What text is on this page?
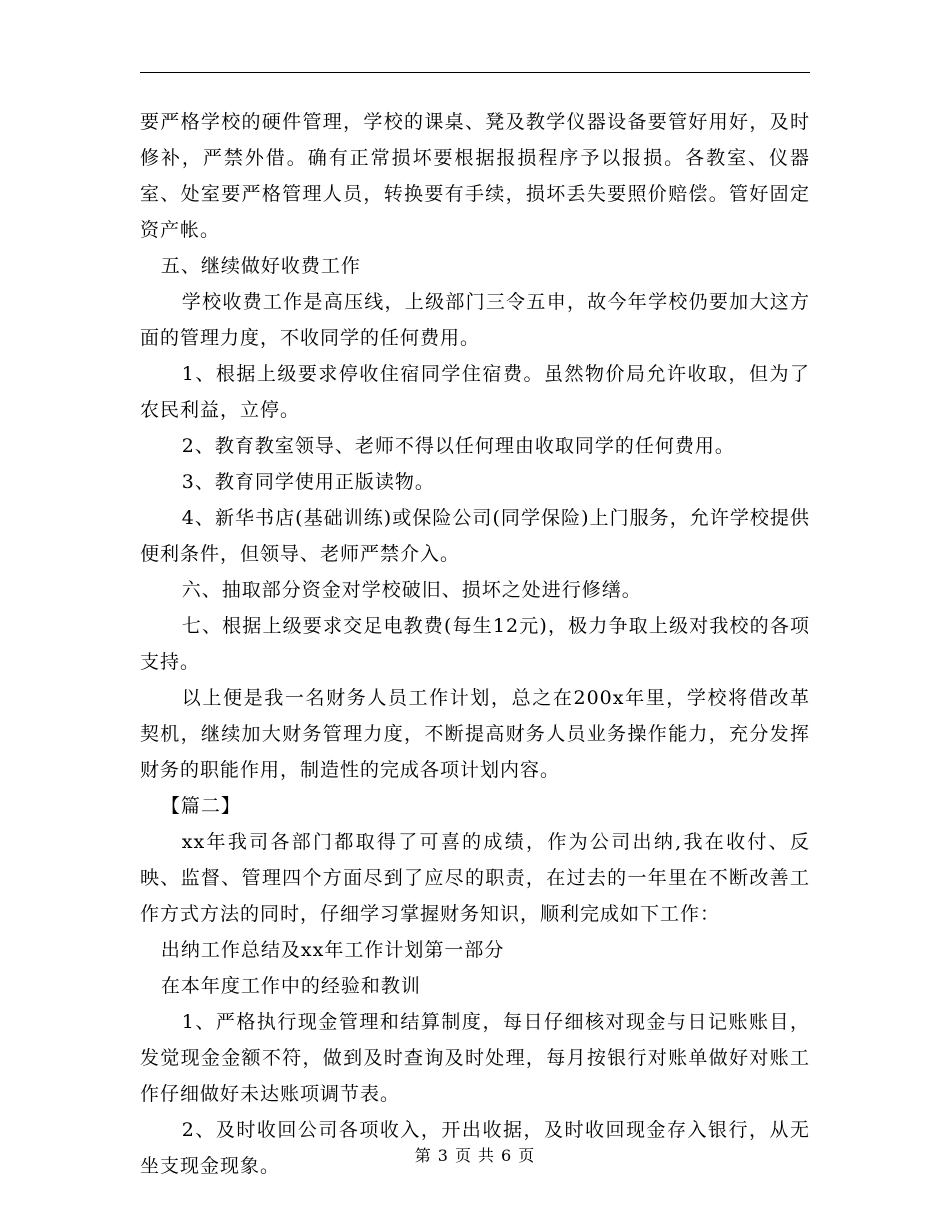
要严格学校的硬件管理，学校的课桌、凳及教学仪器设备要管好用好，及时修补，严禁外借。确有正常损坏要根据报损程序予以报损。各教室、仪器室、处室要严格管理人员，转换要有手续，损坏丢失要照价赔偿。管好固定资产帐。

五、继续做好收费工作

学校收费工作是高压线，上级部门三令五申，故今年学校仍要加大这方面的管理力度，不收同学的任何费用。

1、根据上级要求停收住宿同学住宿费。虽然物价局允许收取，但为了农民利益，立停。

2、教育教室领导、老师不得以任何理由收取同学的任何费用。

3、教育同学使用正版读物。

4、新华书店(基础训练)或保险公司(同学保险)上门服务，允许学校提供便利条件，但领导、老师严禁介入。

六、抽取部分资金对学校破旧、损坏之处进行修缮。

七、根据上级要求交足电教费(每生12元)，极力争取上级对我校的各项支持。

以上便是我一名财务人员工作计划，总之在200x年里，学校将借改革契机，继续加大财务管理力度，不断提高财务人员业务操作能力，充分发挥财务的职能作用，制造性的完成各项计划内容。

【篇二】

xx年我司各部门都取得了可喜的成绩，作为公司出纳,我在收付、反映、监督、管理四个方面尽到了应尽的职责，在过去的一年里在不断改善工作方式方法的同时，仔细学习掌握财务知识，顺利完成如下工作：

出纳工作总结及xx年工作计划第一部分

在本年度工作中的经验和教训

1、严格执行现金管理和结算制度，每日仔细核对现金与日记账账目，发觉现金金额不符，做到及时查询及时处理，每月按银行对账单做好对账工作仔细做好未达账项调节表。

2、及时收回公司各项收入，开出收据，及时收回现金存入银行，从无坐支现金现象。	第 3 页 共 6 页
